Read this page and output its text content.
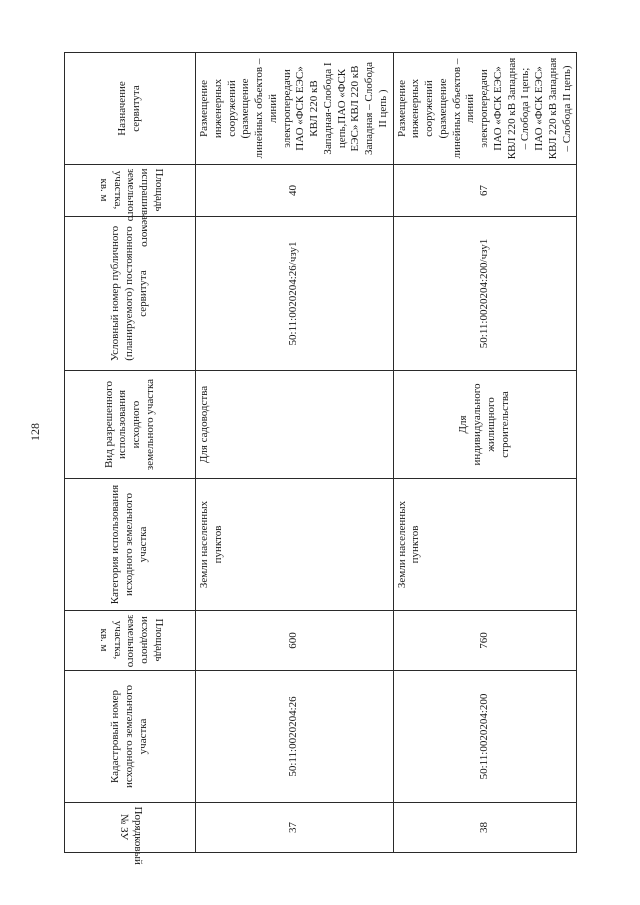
128
Порядковый № ЗУ	Кадастровый номер исходного земельного участка	Площадь исходного земельного участка, кв. м	Категория использования исходного земельного участка	Вид разрешенного использования исходного земельного участка	Условный номер публичного (планируемого) постоянного сервитута	Площадь испрашиваемого земельного участка, кв. м	Назначение сервитута
37	50:11:0020204:26	600	Земли населенных пунктов	Для садоводства	50:11:0020204:26/чзу1	40	Размещение инженерных сооружений (размещение линейных объектов – линий электропередачи ПАО «ФСК ЕЭС» КВЛ 220 кВ Западная-Слобода I цепь,ПАО «ФСК ЕЭС» КВЛ 220 кВ Западная – Слобода II цепь )
38	50:11:0020204:200	760	Земли населенных пунктов	Для индивидуального жилищного строительства	50:11:0020204:200/чзу1	67	Размещение инженерных сооружений (размещение линейных объектов – линий электропередачи ПАО «ФСК ЕЭС» КВЛ 220 кВ Западная – Слобода I цепь; ПАО «ФСК ЕЭС» КВЛ 220 кВ Западная – Слобода II цепь)
